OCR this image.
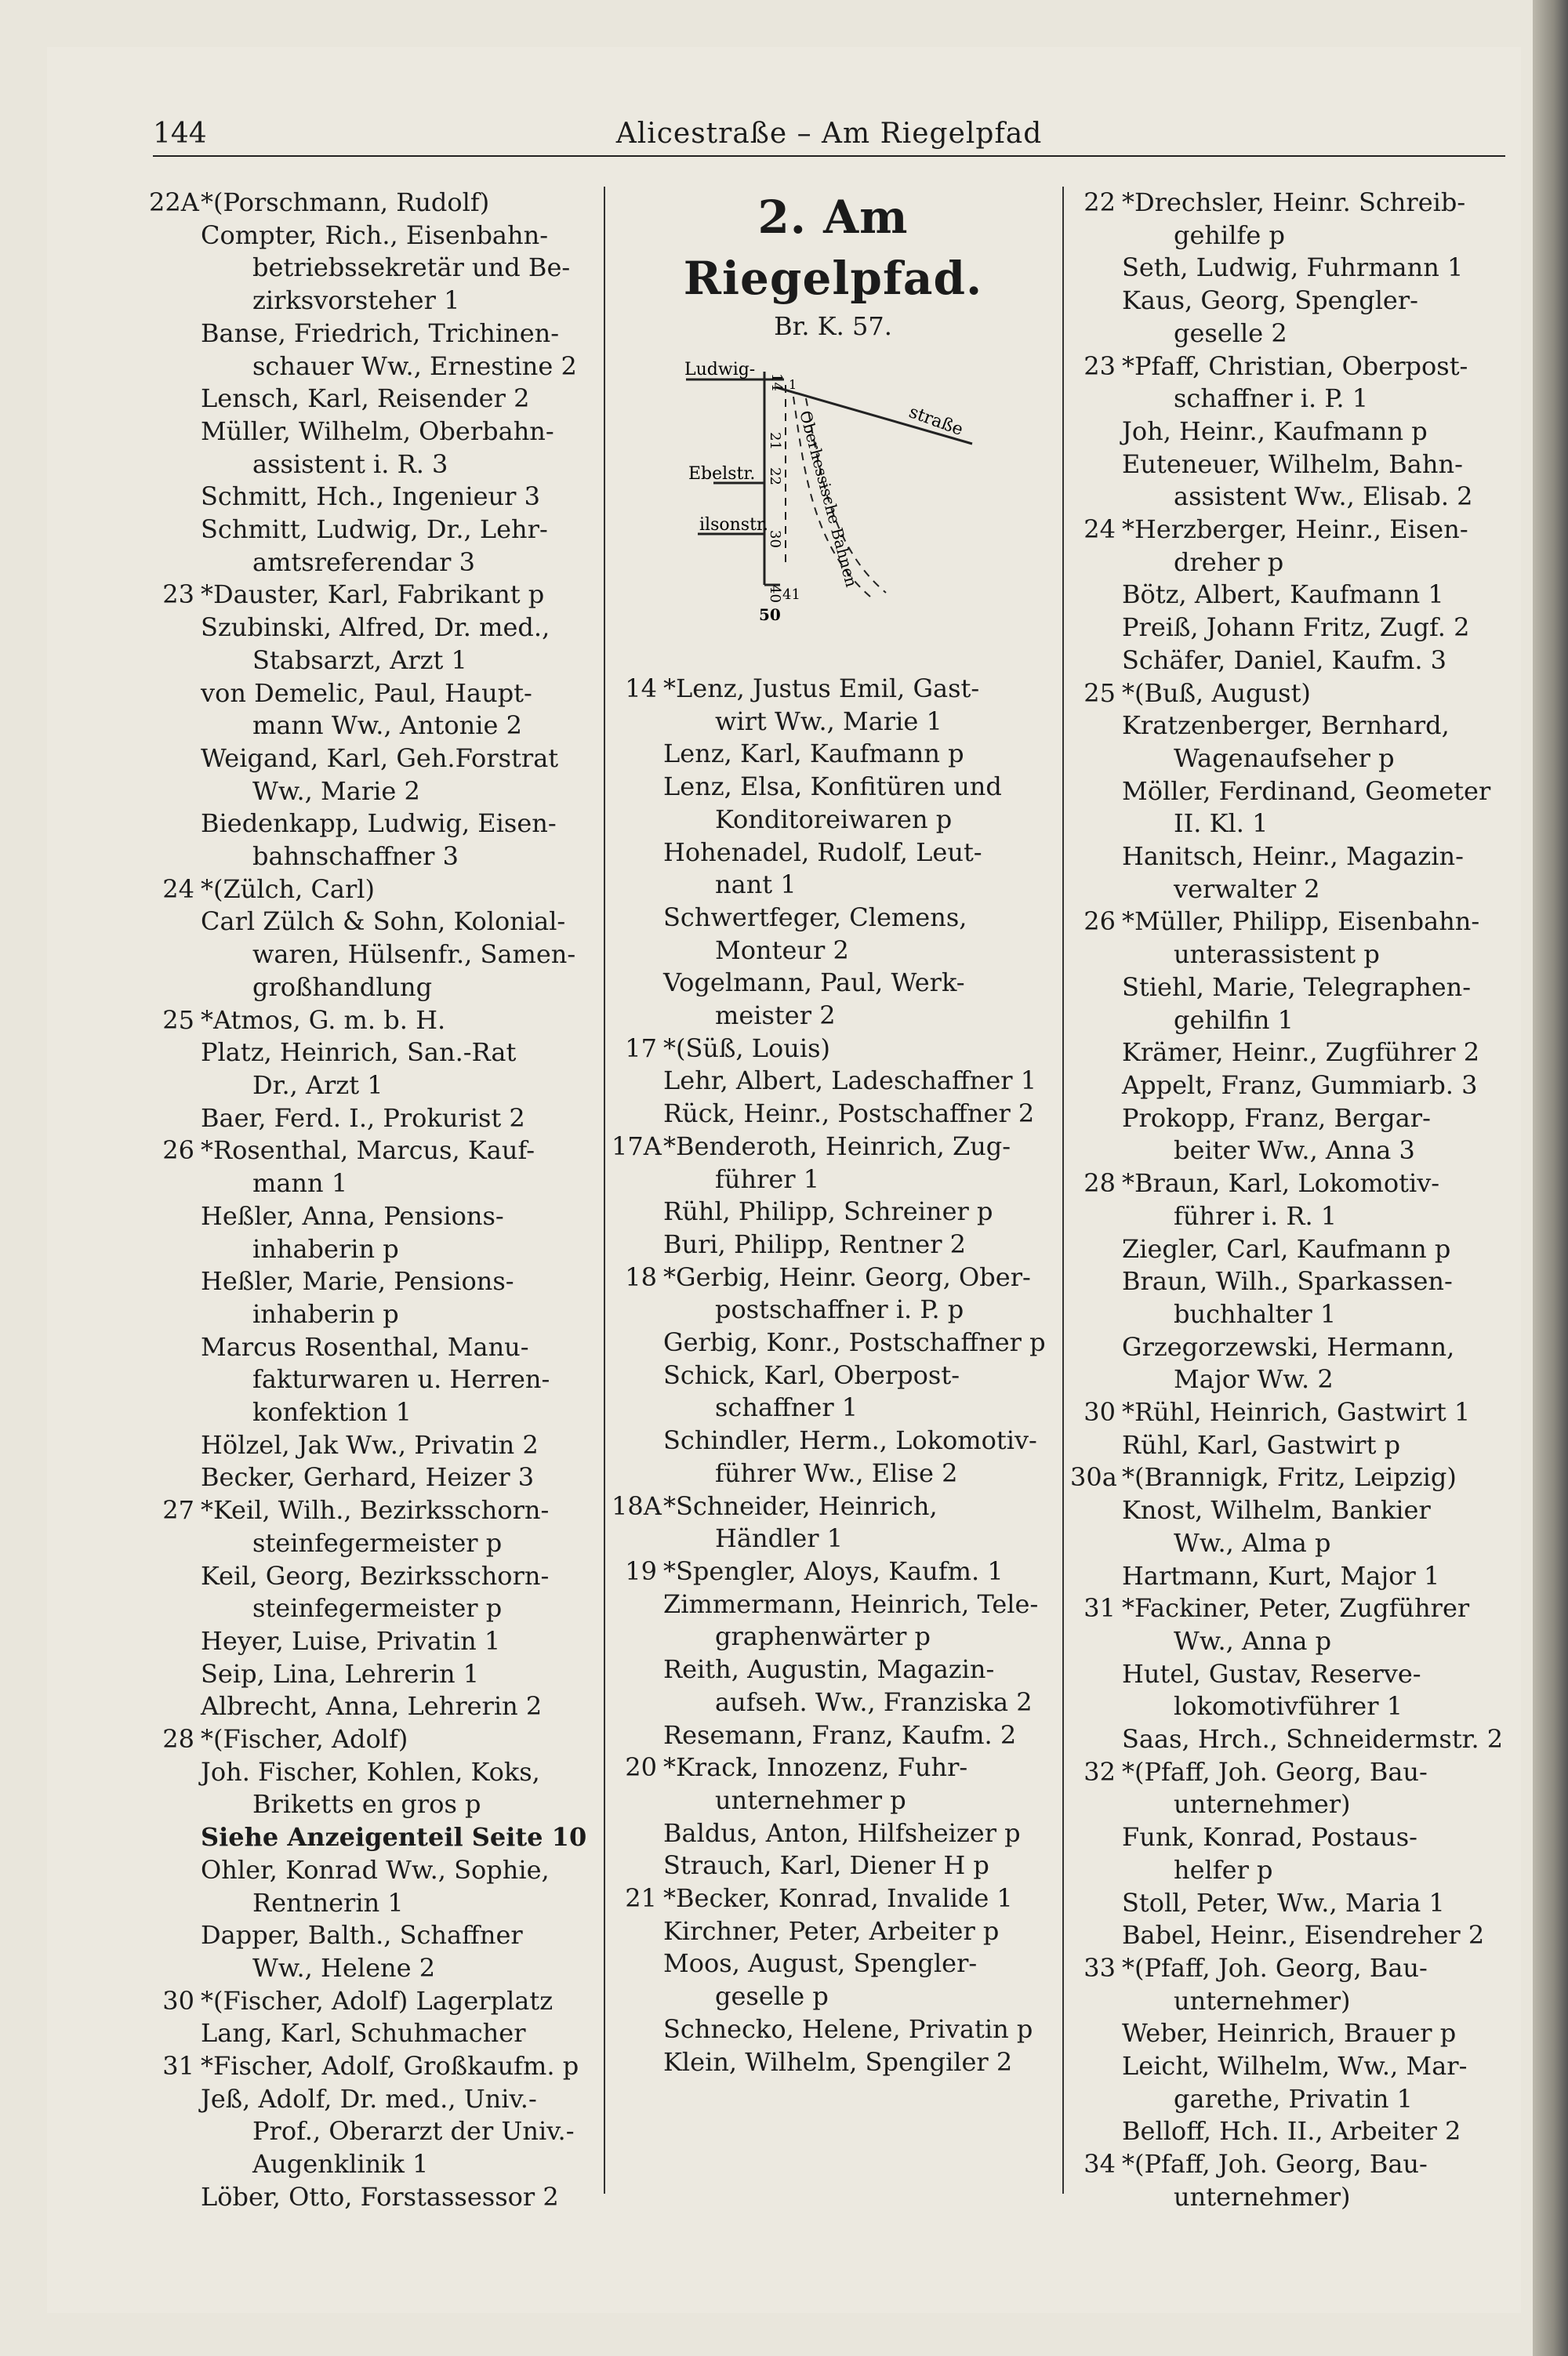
144	Alicestraße – Am Riegelpfad
22A*(Porschmann, Rudolf)
Compter, Rich., Eisenbahn-
betriebssekretär und Be-
zirksvorsteher 1
Banse, Friedrich, Trichinen-
schauer Ww., Ernestine 2
Lensch, Karl, Reisender 2
Müller, Wilhelm, Oberbahn-
assistent i. R. 3
Schmitt, Hch., Ingenieur 3
Schmitt, Ludwig, Dr., Lehr-
amtsreferendar 3
23 *Dauster, Karl, Fabrikant p
Szubinski, Alfred, Dr. med.,
Stabsarzt, Arzt 1
von Demelic, Paul, Haupt-
mann Ww., Antonie 2
Weigand, Karl, Geh.Forstrat
Ww., Marie 2
Biedenkapp, Ludwig, Eisen-
bahnschaffner 3
24 *(Zülch, Carl)
Carl Zülch & Sohn, Kolonial-
waren, Hülsenfr., Samen-
großhandlung
25 *Atmos, G. m. b. H.
Platz, Heinrich, San.-Rat
Dr., Arzt 1
Baer, Ferd. I., Prokurist 2
26 *Rosenthal, Marcus, Kauf-
mann 1
Heßler, Anna, Pensions-
inhaberin p
Heßler, Marie, Pensions-
inhaberin p
Marcus Rosenthal, Manu-
fakturwaren u. Herren-
konfektion 1
Hölzel, Jak Ww., Privatin 2
Becker, Gerhard, Heizer 3
27 *Keil, Wilh., Bezirksschorn-
steinfegermeister p
Keil, Georg, Bezirksschorn-
steinfegermeister p
Heyer, Luise, Privatin 1
Seip, Lina, Lehrerin 1
Albrecht, Anna, Lehrerin 2
28 *(Fischer, Adolf)
Joh. Fischer, Kohlen, Koks,
Briketts en gros p
Siehe Anzeigenteil Seite 10
Ohler, Konrad Ww., Sophie,
Rentnerin 1
Dapper, Balth., Schaffner
Ww., Helene 2
30 *(Fischer, Adolf) Lagerplatz
Lang, Karl, Schuhmacher
31 *Fischer, Adolf, Großkaufm. p
Jeß, Adolf, Dr. med., Univ.-
Prof., Oberarzt der Univ.-
Augenklinik 1
Löber, Otto, Forstassessor 2
2. Am Riegelpfad.
Br. K. 57.
Ludwig-
straße
Ebelstr.
ilsonstr. Oberhessische Bahnen
14
21
22
30
40 41
50
1
14 *Lenz, Justus Emil, Gast-
wirt Ww., Marie 1
Lenz, Karl, Kaufmann p
Lenz, Elsa, Konfitüren und
Konditoreiwaren p
Hohenadel, Rudolf, Leut-
nant 1
Schwertfeger, Clemens,
Monteur 2
Vogelmann, Paul, Werk-
meister 2
17 *(Süß, Louis)
Lehr, Albert, Ladeschaffner 1
Rück, Heinr., Postschaffner 2
17A*Benderoth, Heinrich, Zug-
führer 1
Rühl, Philipp, Schreiner p
Buri, Philipp, Rentner 2
18 *Gerbig, Heinr. Georg, Ober-
postschaffner i. P. p
Gerbig, Konr., Postschaffner p
Schick, Karl, Oberpost-
schaffner 1
Schindler, Herm., Lokomotiv-
führer Ww., Elise 2
18A*Schneider, Heinrich,
Händler 1
19 *Spengler, Aloys, Kaufm. 1
Zimmermann, Heinrich, Tele-
graphenwärter p
Reith, Augustin, Magazin-
aufseh. Ww., Franziska 2
Resemann, Franz, Kaufm. 2
20 *Krack, Innozenz, Fuhr-
unternehmer p
Baldus, Anton, Hilfsheizer p
Strauch, Karl, Diener H p
21 *Becker, Konrad, Invalide 1
Kirchner, Peter, Arbeiter p
Moos, August, Spengler-
geselle p
Schnecko, Helene, Privatin p
Klein, Wilhelm, Spengiler 2
22 *Drechsler, Heinr. Schreib-
gehilfe p
Seth, Ludwig, Fuhrmann 1
Kaus, Georg, Spengler-
geselle 2
23 *Pfaff, Christian, Oberpost-
schaffner i. P. 1
Joh, Heinr., Kaufmann p
Euteneuer, Wilhelm, Bahn-
assistent Ww., Elisab. 2
24 *Herzberger, Heinr., Eisen-
dreher p
Bötz, Albert, Kaufmann 1
Preiß, Johann Fritz, Zugf. 2
Schäfer, Daniel, Kaufm. 3
25 *(Buß, August)
Kratzenberger, Bernhard,
Wagenaufseher p
Möller, Ferdinand, Geometer
II. Kl. 1
Hanitsch, Heinr., Magazin-
verwalter 2
26 *Müller, Philipp, Eisenbahn-
unterassistent p
Stiehl, Marie, Telegraphen-
gehilfin 1
Krämer, Heinr., Zugführer 2
Appelt, Franz, Gummiarb. 3
Prokopp, Franz, Bergar-
beiter Ww., Anna 3
28 *Braun, Karl, Lokomotiv-
führer i. R. 1
Ziegler, Carl, Kaufmann p
Braun, Wilh., Sparkassen-
buchhalter 1
Grzegorzewski, Hermann,
Major Ww. 2
30 *Rühl, Heinrich, Gastwirt 1
Rühl, Karl, Gastwirt p
30a *(Brannigk, Fritz, Leipzig)
Knost, Wilhelm, Bankier
Ww., Alma p
Hartmann, Kurt, Major 1
31 *Fackiner, Peter, Zugführer
Ww., Anna p
Hutel, Gustav, Reserve-
lokomotivführer 1
Saas, Hrch., Schneidermstr. 2
32 *(Pfaff, Joh. Georg, Bau-
unternehmer)
Funk, Konrad, Postaus-
helfer p
Stoll, Peter, Ww., Maria 1
Babel, Heinr., Eisendreher 2
33 *(Pfaff, Joh. Georg, Bau-
unternehmer)
Weber, Heinrich, Brauer p
Leicht, Wilhelm, Ww., Mar-
garethe, Privatin 1
Belloff, Hch. II., Arbeiter 2
34 *(Pfaff, Joh. Georg, Bau-
unternehmer)
